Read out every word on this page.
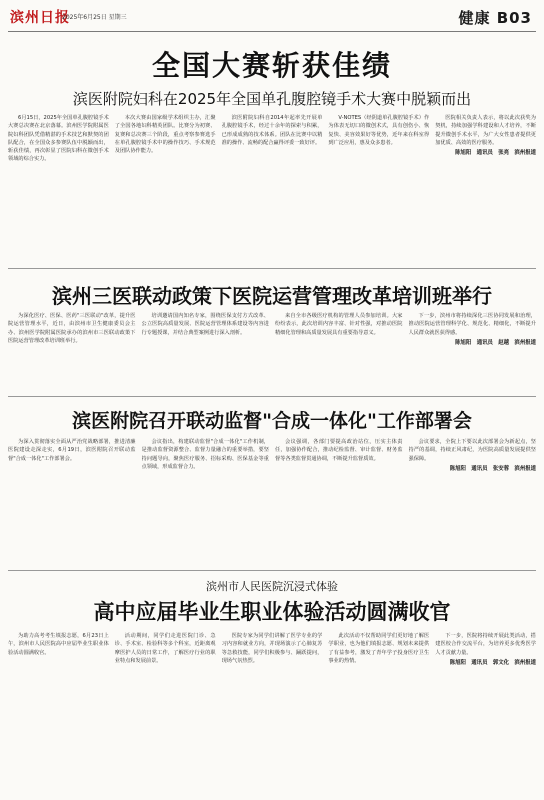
滨州日报
2025年6月25日 星期三	健康 B03
全国大赛斩获佳绩
滨医附院妇科在2025年全国单孔腹腔镜手术大赛中脱颖而出

6月15日，2025年全国单孔腹腔镜手术大赛总决赛在北京落幕。滨州医学院附属医院妇科团队凭借精湛的手术技艺和默契的团队配合，在全国众多参赛队伍中脱颖而出，斩获佳绩，再次彰显了医院妇科在微创手术领域的综合实力。

本次大赛由国家级学术组织主办，汇聚了全国各地妇科精英团队。比赛分为初赛、复赛和总决赛三个阶段，重点考察参赛选手在单孔腹腔镜手术中的操作技巧、手术规范及团队协作能力。

滨医附院妇科自2014年起率先开展单孔腹腔镜手术，经过十余年的探索与积累，已形成成熟的技术体系。团队在比赛中以精准的操作、流畅的配合赢得评委一致好评。

V-NOTES（经阴道单孔腹腔镜手术）作为体表无切口的微创术式，具有创伤小、恢复快、美容效果好等优势，近年来在科室得到广泛应用，惠及众多患者。

医院相关负责人表示，将以此次获奖为契机，持续加强学科建设和人才培养，不断提升微创手术水平，为广大女性患者提供更加优质、高效的医疗服务。

陈旭阳　通讯员　张亮　滨州报道
滨州三医联动政策下医院运营管理改革培训班举行

为深化医疗、医保、医药"三医联动"改革，提升医院运营管理水平，近日，由滨州市卫生健康委员会主办、滨州医学院附属医院承办的滨州市三医联动政策下医院运营管理改革培训班举行。

培训邀请国内知名专家，围绕医保支付方式改革、公立医院高质量发展、医院运营管理体系建设等内容进行专题授课，并结合典型案例进行深入剖析。

来自全市各级医疗机构的管理人员参加培训。大家纷纷表示，此次培训内容丰富、针对性强，对推动医院精细化管理和高质量发展具有重要指导意义。

下一步，滨州市将持续深化三医协同发展和治理，推动医院运营管理科学化、规范化、精细化，不断提升人民群众就医获得感。

陈旭阳　通讯员　赵越　滨州报道
滨医附院召开联动监督"合成一体化"工作部署会

为深入贯彻落实全面从严治党战略部署，推进清廉医院建设走深走实，6月19日，滨医附院召开联动监督"合成一体化"工作部署会。

会议指出，构建联动监督"合成一体化"工作机制，是推动监督资源整合、监督力量融合的重要举措，要坚持问题导向，聚焦医疗服务、招标采购、医保基金等重点领域，形成监督合力。

会议强调，各部门要提高政治站位，压实主体责任，加强协作配合，推动纪检监督、审计监督、财务监督等各类监督贯通协调，不断提升监督质效。

会议要求，全院上下要以此次部署会为新起点，坚持严的基调，持续正风肃纪，为医院高质量发展提供坚强保障。

陈旭阳　通讯员　张安蓉　滨州报道
滨州市人民医院沉浸式体验
高中应届毕业生职业体验活动圆满收官

为助力高考考生填报志愿，6月23日上午，滨州市人民医院高中应届毕业生职业体验活动圆满收官。

活动期间，同学们走进医院门诊、急诊、手术室、检验科等多个科室，近距离观摩医护人员的日常工作，了解医疗行业的职业特点和发展前景。

医院专家为同学们讲解了医学专业的学习内容和就业方向，并现场演示了心肺复苏等急救技能，同学们积极参与、踊跃提问，现场气氛热烈。

此次活动不仅帮助同学们更好地了解医学职业，也为他们填报志愿、规划未来提供了有益参考，激发了青年学子投身医疗卫生事业的热情。

下一步，医院将持续开展此类活动，搭建医校合作交流平台，为培养更多优秀医学人才贡献力量。

陈旭阳　通讯员　郭文化　滨州报道
